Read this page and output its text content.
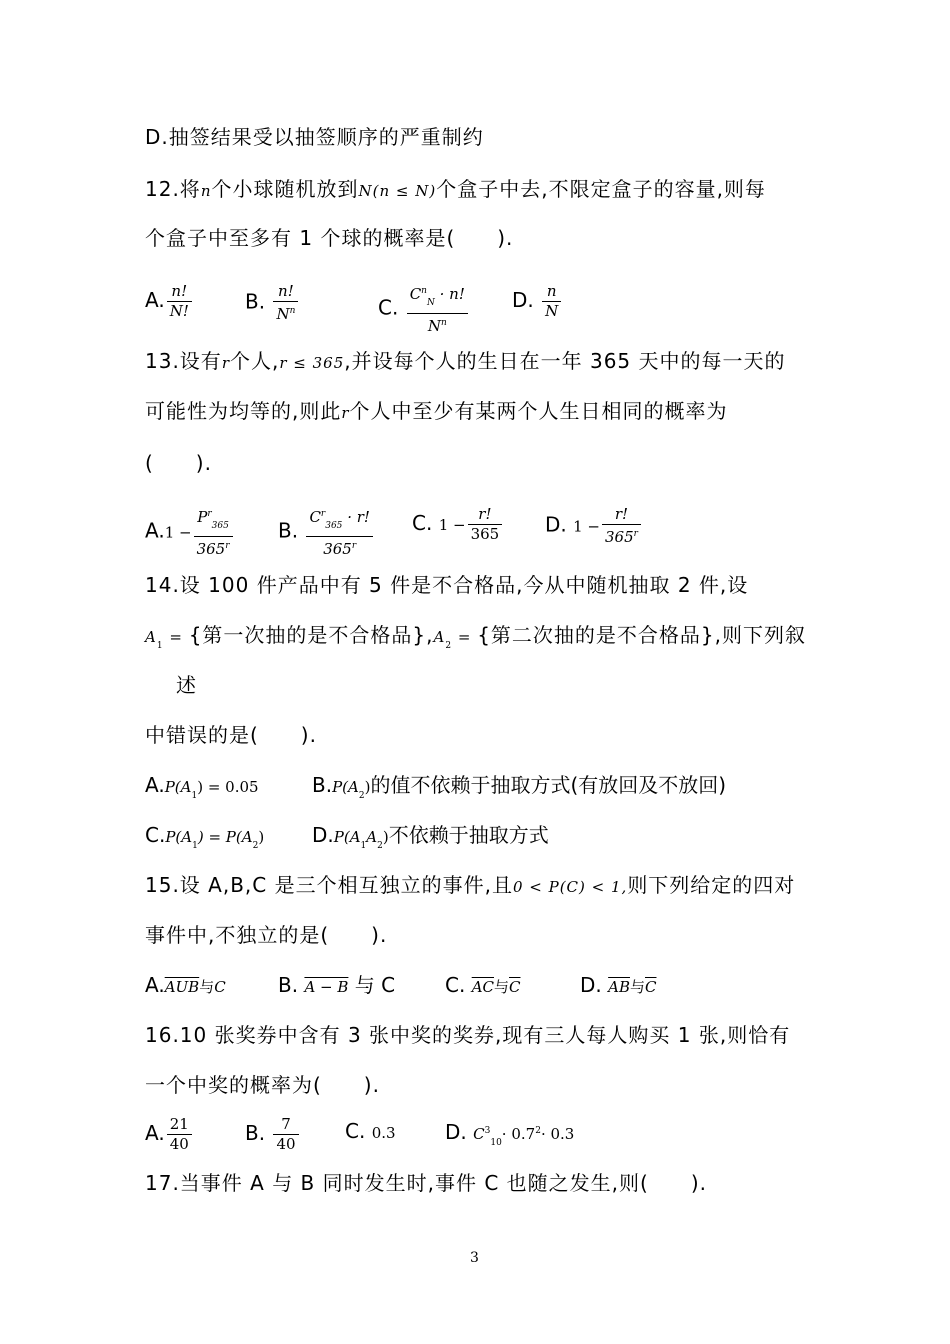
D.抽签结果受以抽签顺序的严重制约
12.将n个小球随机放到N(n ≤ N)个盒子中去,不限定盒子的容量,则每
个盒子中至多有 1 个球的概率是(　　).
A. $\frac{n!}{N!}$	B. $\frac{n!}{N^n}$	C. $\frac{C^n_N \cdot n!}{N^n} D$. $\frac{n}{N}$
13.设有r个人,r ≤ 365,并设每个人的生日在一年 365 天中的每一天的
可能性为均等的,则此r个人中至少有某两个人生日相同的概率为
(　　).
$A.1 - \frac{P^r_{365}}{365^r} B$. $\frac{C^r_{365} \cdot r!}{365^r} C$. $1 - \frac{r!}{365} D$. $1 - \frac{r!}{365^r}$
14.设 100 件产品中有 5 件是不合格品,今从中随机抽取 2 件,设
$A_1$ = {第一次抽的是不合格品}$,A_2$ = {第二次抽的是不合格品},则下列叙
述
中错误的是(　　).
$A.P(A_1) = 0.05$	$B.P(A_2)$的值不依赖于抽取方式(有放回及不放回)
$C.P(A_1) = P(A_2)$ $D.P(A_1A_2)$不依赖于抽取方式
15.设 A,B,C 是三个相互独立的事件,且0 < P(C) < 1,则下列给定的四对
事件中,不独立的是(　　).
$A.\overline{AUB}$与C	B. A − B 与 C C. $\overline{AC}$与$\overline{C}$	D. $\overline{AB}$与$\overline{C}$
16.10 张奖券中含有 3 张中奖的奖券,现有三人每人购买 1 张,则恰有
一个中奖的概率为(　　).
A. $\frac{21}{40}$	B. $\frac{7}{40} C$. 0.3 D. $C^3_{10}\cdot 0.7^2\cdot 0.3$
17.当事件 A 与 B 同时发生时,事件 C 也随之发生,则(　　).
3
